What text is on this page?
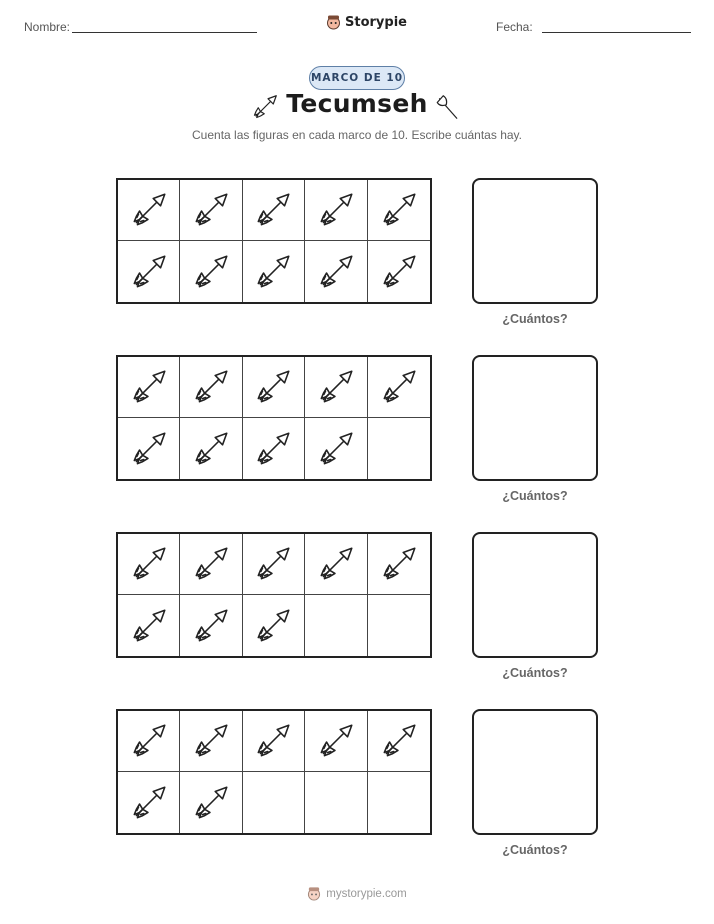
Nombre:	Storypie	Fecha:
MARCO DE 10
Tecumseh
Cuenta las figuras en cada marco de 10. Escribe cuántas hay.
¿Cuántos?
¿Cuántos?
¿Cuántos?
¿Cuántos?
mystorypie.com
